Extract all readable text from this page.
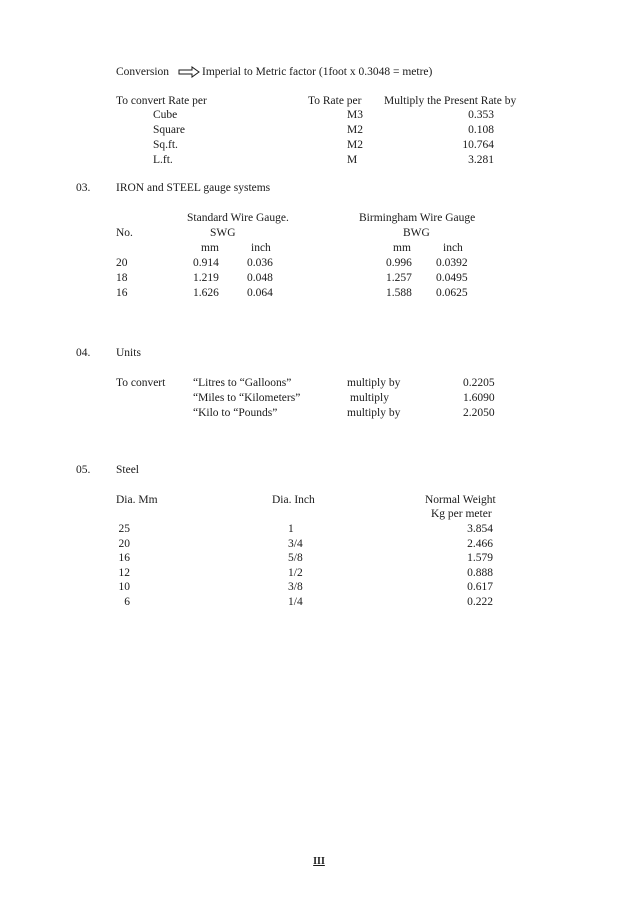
Conversion	Imperial to Metric factor (1foot x 0.3048 = metre)
To convert Rate per	To Rate per Multiply the Present Rate by
Cube	M3	0.353
Square	M2	0.108
Sq.ft.	M2	10.764
L.ft.	M	3.281
03. IRON and STEEL gauge systems
Standard Wire Gauge.	Birmingham Wire Gauge
No.	SWG	BWG
mm	inch	mm	inch
20	0.914 0.036	0.996 0.0392
18	1.219 0.048	1.257 0.0495
16	1.626 0.064	1.588 0.0625
04. Units
To convert “Litres to “Galloons”	multiply by	0.2205
“Miles to “Kilometers”	multiply	1.6090
“Kilo to “Pounds”	multiply by	2.2050
05. Steel
Dia. Mm	Dia. Inch	Normal Weight
Kg per meter
25	1	3.854
20	3/4	2.466
16	5/8	1.579
12	1/2	0.888
10	3/8	0.617
6	1/4	0.222
III
